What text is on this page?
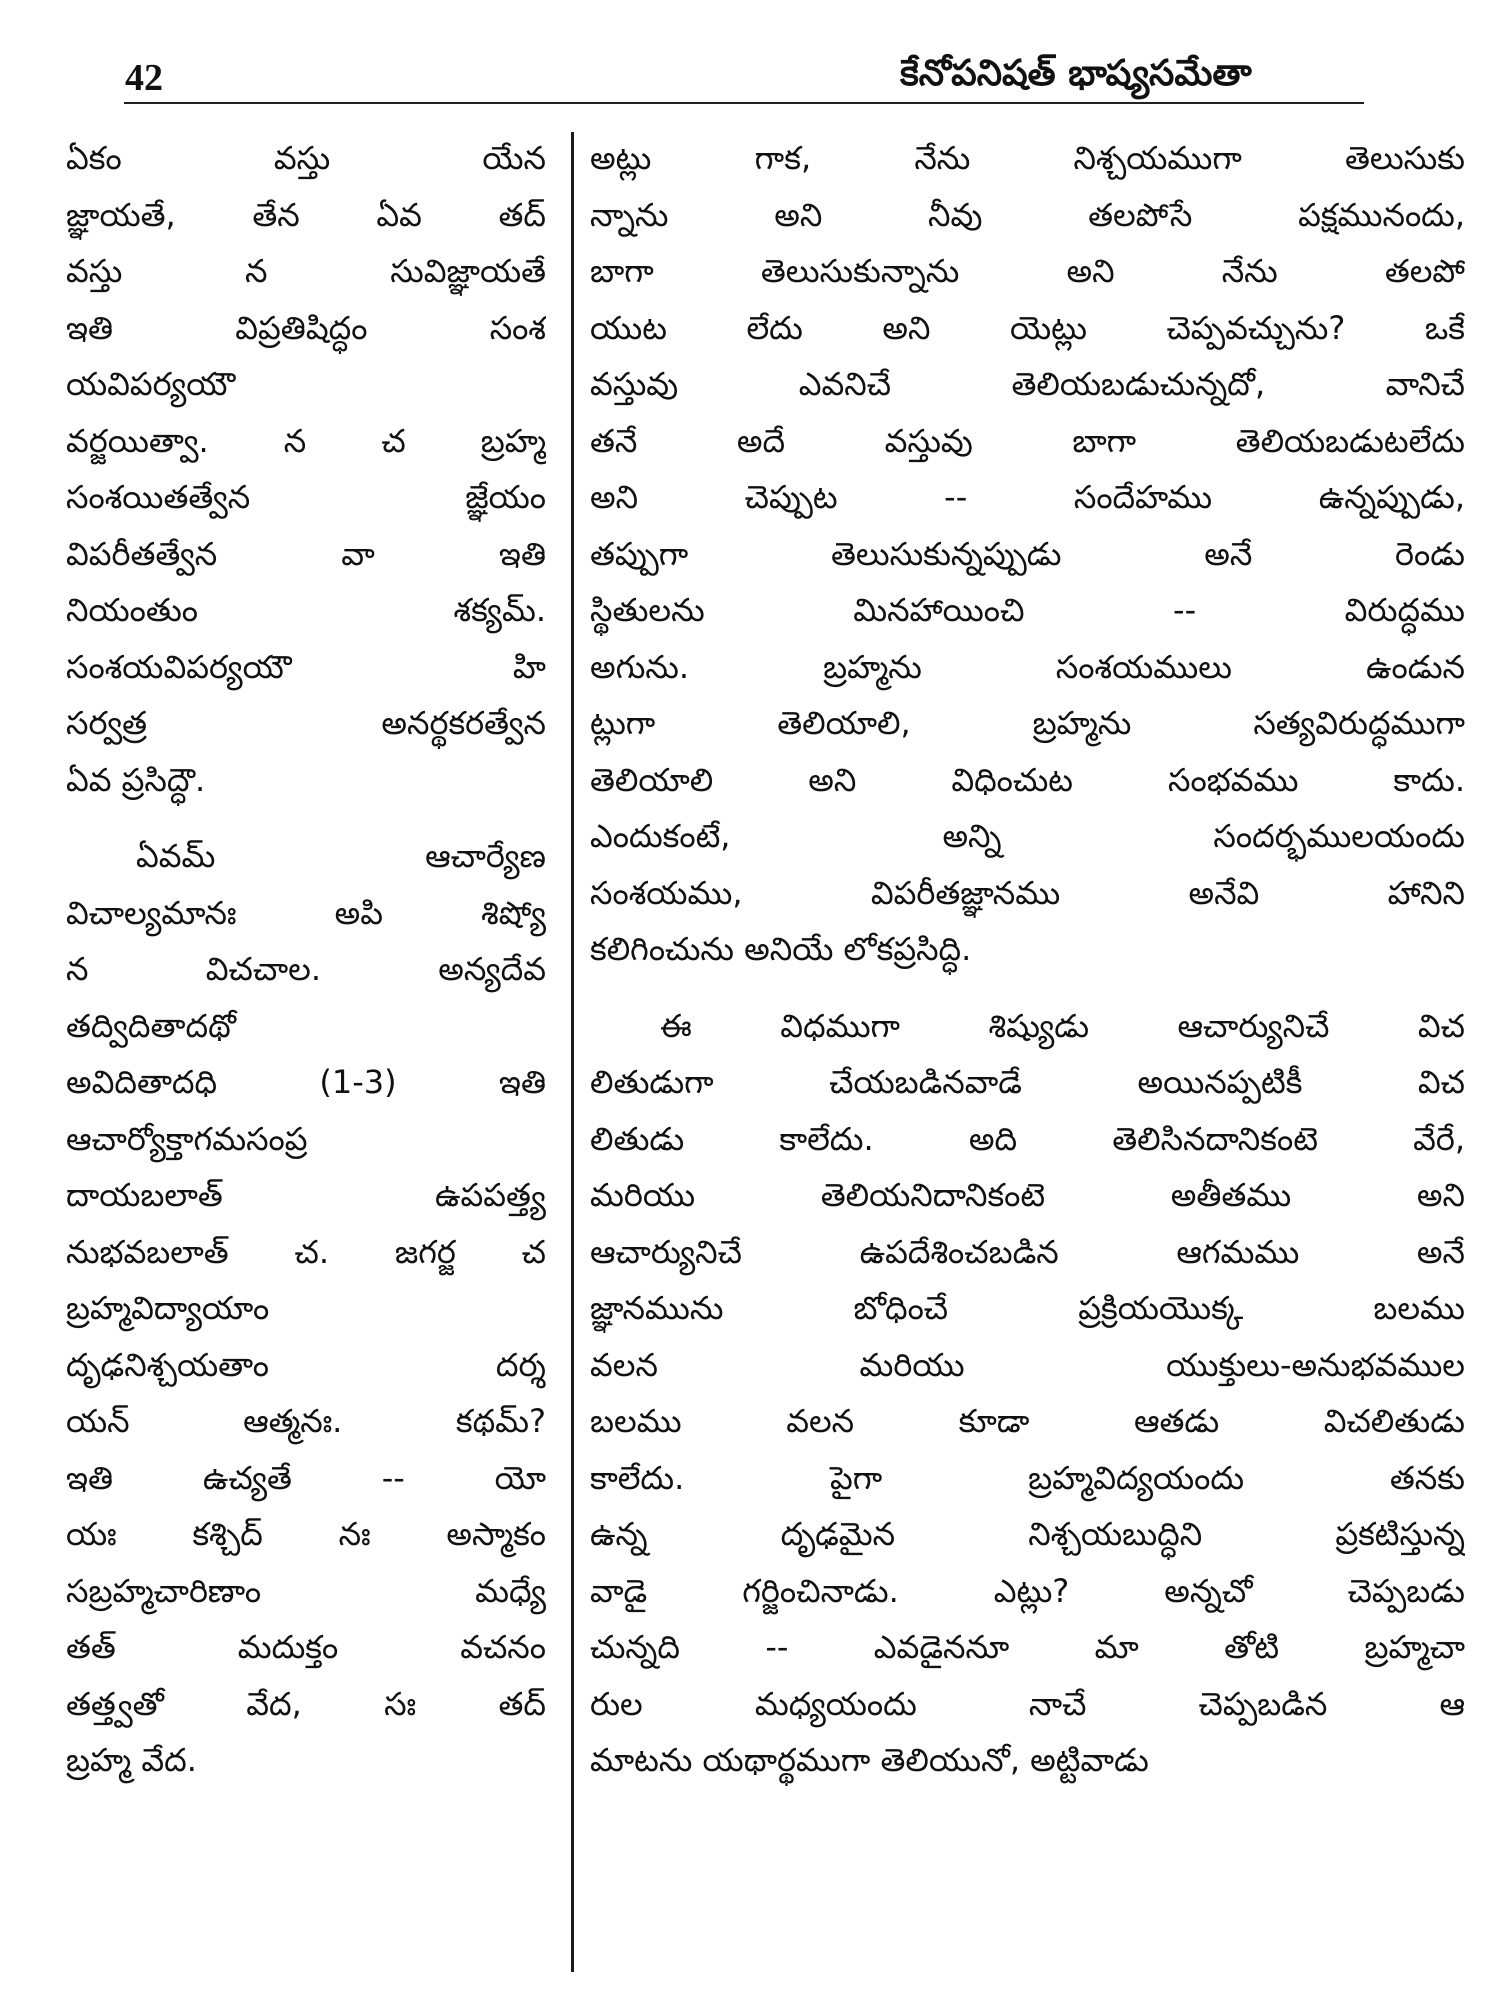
42	కేనోపనిషత్ భాష్యసమేతా
ఏకం వస్తు యేన
జ్ఞాయతే, తేన ఏవ తద్
వస్తు న సువిజ్ఞాయతే
ఇతి విప్రతిషిద్ధం సంశ
యవిపర్యయౌ
వర్జయిత్వా. న చ బ్రహ్మ
సంశయితత్వేన జ్ఞేయం
విపరీతత్వేన వా ఇతి
నియంతుం శక్యమ్.
సంశయవిపర్యయౌ హి
సర్వత్ర అనర్థకరత్వేన
ఏవ ప్రసిద్ధౌ.
ఏవమ్ ఆచార్యేణ
విచాల్యమానః అపి శిష్యో
న విచచాల. అన్యదేవ
తద్విదితాదథో
అవిదితాదధి (1-3) ఇతి
ఆచార్యోక్తాగమసంప్ర
దాయబలాత్ ఉపపత్త్య
నుభవబలాత్ చ. జగర్జ చ
బ్రహ్మవిద్యాయాం
దృఢనిశ్చయతాం దర్శ
యన్ ఆత్మనః. కథమ్?
ఇతి ఉచ్యతే -- యో
యః కశ్చిద్ నః అస్మాకం
సబ్రహ్మచారిణాం మధ్యే
తత్ మదుక్తం వచనం
తత్త్వతో వేద, సః తద్
బ్రహ్మ వేద.
అట్లు గాక, నేను నిశ్చయముగా తెలుసుకు
న్నాను అని నీవు తలపోసే పక్షమునందు,
బాగా తెలుసుకున్నాను అని నేను తలపో
యుట లేదు అని యెట్లు చెప్పవచ్చును? ఒకే
వస్తువు ఎవనిచే తెలియబడుచున్నదో, వానిచే
తనే అదే వస్తువు బాగా తెలియబడుటలేదు
అని చెప్పుట -- సందేహము ఉన్నప్పుడు,
తప్పుగా తెలుసుకున్నప్పుడు అనే రెండు
స్థితులను మినహాయించి -- విరుద్ధము
అగును. బ్రహ్మను సంశయములు ఉండున
ట్లుగా తెలియాలి, బ్రహ్మను సత్యవిరుద్ధముగా
తెలియాలి అని విధించుట సంభవము కాదు.
ఎందుకంటే, అన్ని సందర్భములయందు
సంశయము, విపరీతజ్ఞానము అనేవి హానిని
కలిగించును అనియే లోకప్రసిద్ధి.
ఈ విధముగా శిష్యుడు ఆచార్యునిచే విచ
లితుడుగా చేయబడినవాడే అయినప్పటికీ విచ
లితుడు కాలేదు. అది తెలిసినదానికంటె వేరే,
మరియు తెలియనిదానికంటె అతీతము అని
ఆచార్యునిచే ఉపదేశించబడిన ఆగమము అనే
జ్ఞానమును బోధించే ప్రక్రియయొక్క బలము
వలన మరియు యుక్తులు-అనుభవముల
బలము వలన కూడా ఆతడు విచలితుడు
కాలేదు. పైగా బ్రహ్మవిద్యయందు తనకు
ఉన్న దృఢమైన నిశ్చయబుద్ధిని ప్రకటిస్తున్న
వాడై గర్జించినాడు. ఎట్లు? అన్నచో చెప్పబడు
చున్నది -- ఎవడైననూ మా తోటి బ్రహ్మచా
రుల మధ్యయందు నాచే చెప్పబడిన ఆ
మాటను యథార్థముగా తెలియునో, అట్టివాడు
